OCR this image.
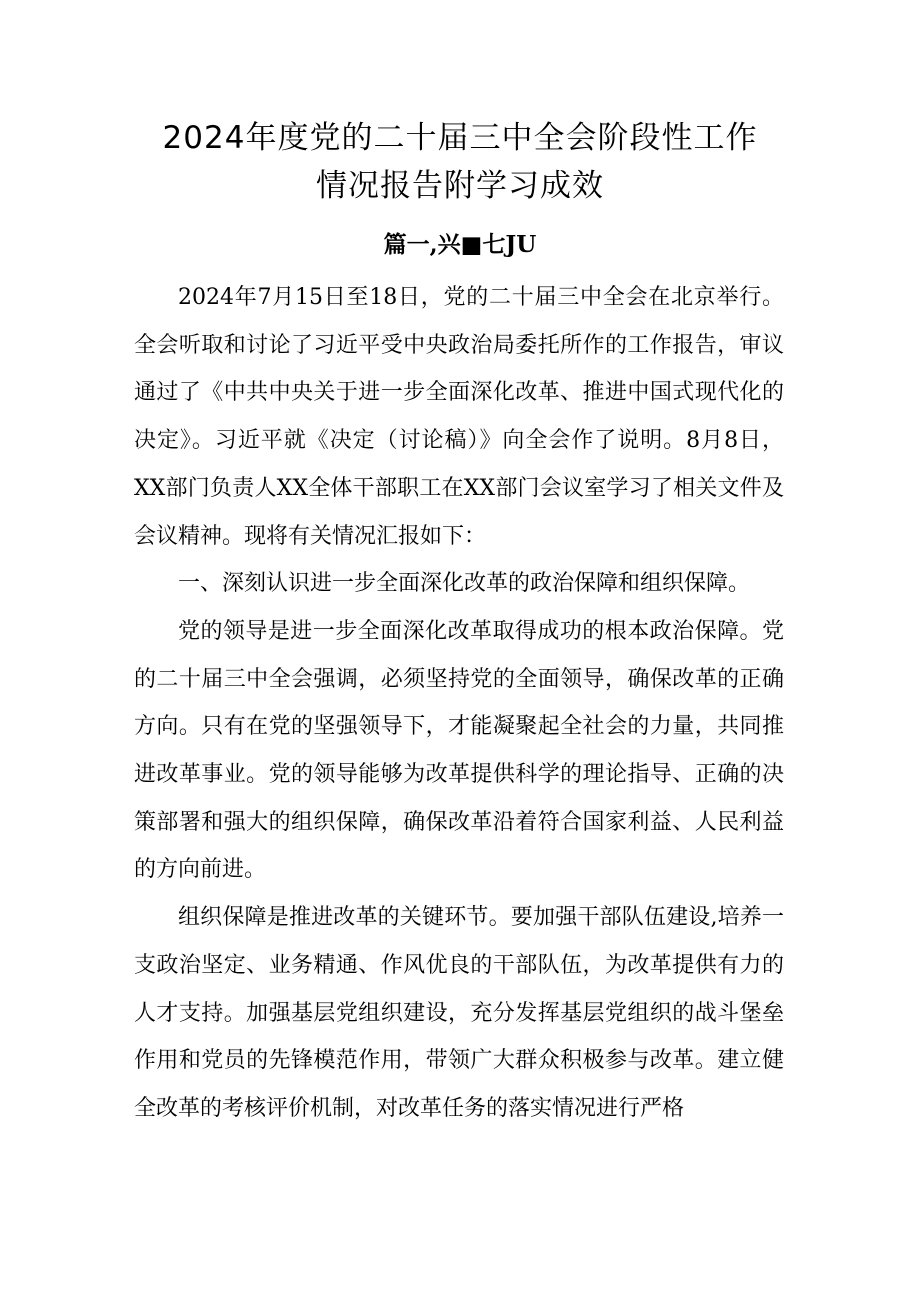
2024年度党的二十届三中全会阶段性工作
情况报告附学习成效
篇一,兴■七JU

2024年7月15日至18日，党的二十届三中全会在北京举行。全会听取和讨论了习近平受中央政治局委托所作的工作报告，审议通过了《中共中央关于进一步全面深化改革、推进中国式现代化的决定》。习近平就《决定（讨论稿）》向全会作了说明。8月8日，XX部门负责人XX全体干部职工在XX部门会议室学习了相关文件及会议精神。现将有关情况汇报如下：

一、深刻认识进一步全面深化改革的政治保障和组织保障。

党的领导是进一步全面深化改革取得成功的根本政治保障。党的二十届三中全会强调，必须坚持党的全面领导，确保改革的正确方向。只有在党的坚强领导下，才能凝聚起全社会的力量，共同推进改革事业。党的领导能够为改革提供科学的理论指导、正确的决策部署和强大的组织保障，确保改革沿着符合国家利益、人民利益的方向前进。

组织保障是推进改革的关键环节。要加强干部队伍建设,培养一支政治坚定、业务精通、作风优良的干部队伍，为改革提供有力的人才支持。加强基层党组织建设，充分发挥基层党组织的战斗堡垒作用和党员的先锋模范作用，带领广大群众积极参与改革。建立健全改革的考核评价机制，对改革任务的落实情况进行严格
